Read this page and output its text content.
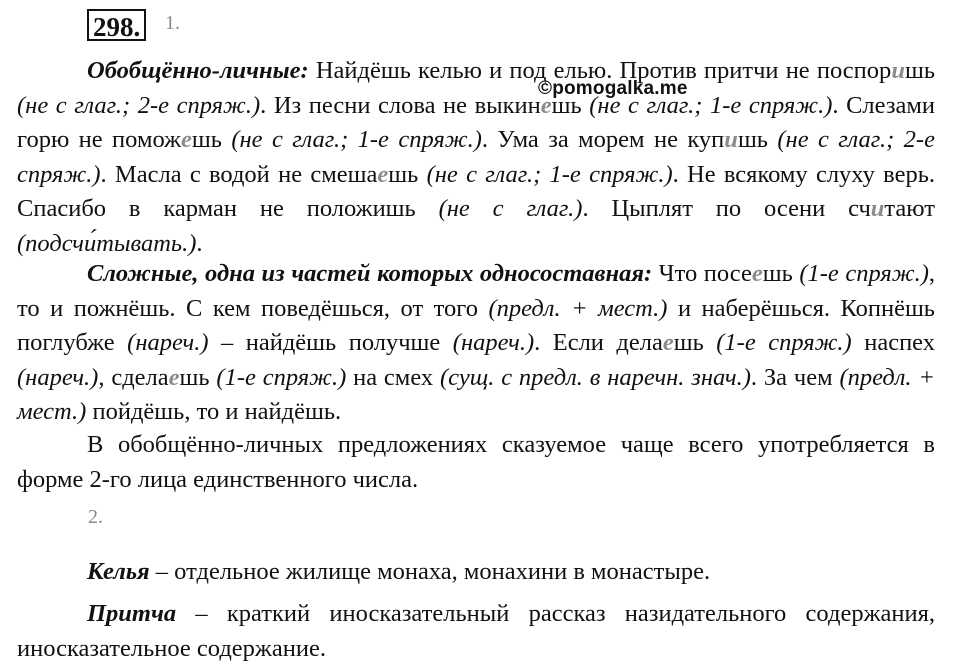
298.	1.
©pomogalka.me

Обобщённо-личные: Найдёшь келью и под елью. Против притчи не поспоришь (не с глаг.; 2-е спряж.). Из песни слова не выкинешь (не с глаг.; 1-е спряж.). Слезами горю не поможешь (не с глаг.; 1-е спряж.). Ума за морем не купишь (не с глаг.; 2-е спряж.). Масла с водой не смешаешь (не с глаг.; 1-е спряж.). Не всякому слуху верь. Спасибо в карман не положишь (не с глаг.). Цыплят по осени считают (подсчи́тывать.).

Сложные, одна из частей которых односоставная: Что посеешь (1-е спряж.), то и пожнёшь. С кем поведёшься, от того (предл. + мест.) и наберёшься. Копнёшь поглубже (нареч.) – найдёшь получше (нареч.). Если делаешь (1-е спряж.) наспех (нареч.), сделаешь (1-е спряж.) на смех (сущ. с предл. в наречн. знач.). За чем (предл. + мест.) пойдёшь, то и найдёшь.

В обобщённо-личных предложениях сказуемое чаще всего употребляется в форме 2-го лица единственного числа.

2.

Келья – отдельное жилище монаха, монахини в монастыре.

Притча – краткий иносказательный рассказ назидательного содержания, иносказательное содержание.
